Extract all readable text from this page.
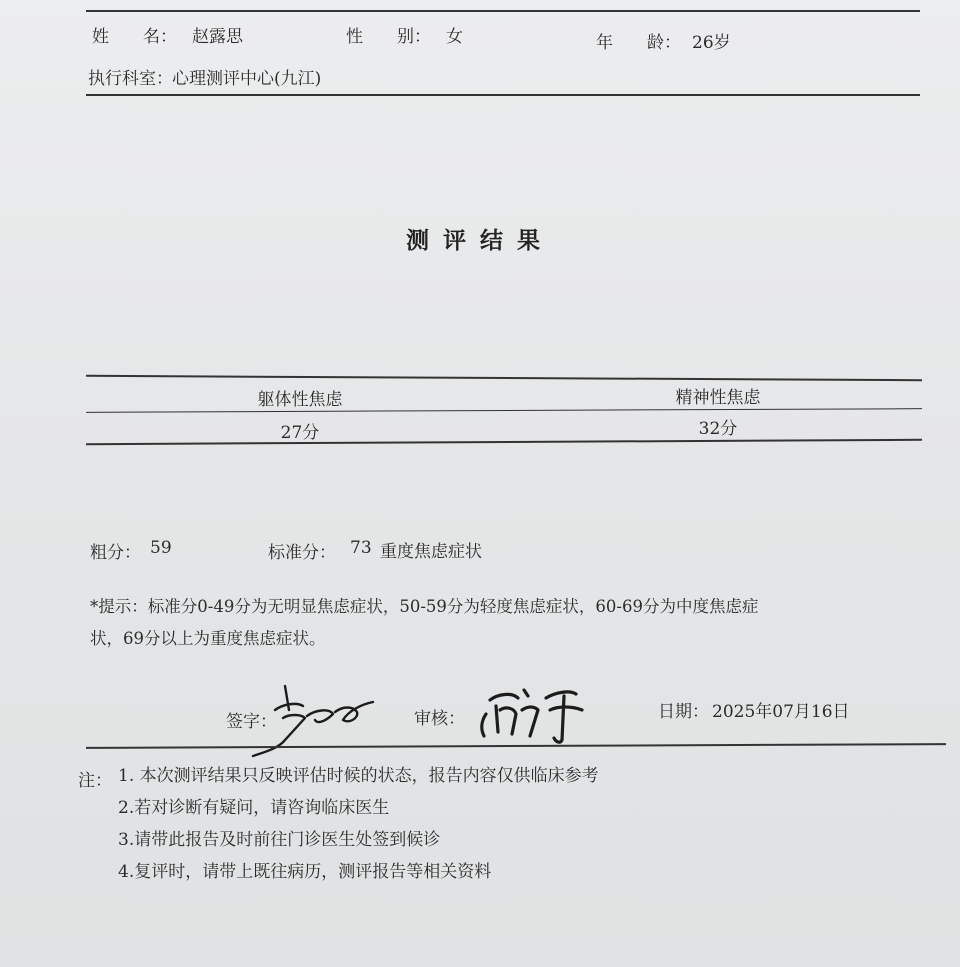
姓　　名： 赵露思	性　　别： 女	年　　龄： 26岁
执行科室： 心理测评中心(九江)
测评结果
躯体性焦虑	精神性焦虑
27分	32分
粗分： 59	标准分： 73 重度焦虑症状
*提示：标准分0-49分为无明显焦虑症状，50-59分为轻度焦虑症状，60-69分为中度焦虑症
状，69分以上为重度焦虑症状。
签字：	审核：	日期： 2025年07月16日
注： 1. 本次测评结果只反映评估时候的状态，报告内容仅供临床参考
2.若对诊断有疑问，请咨询临床医生
3.请带此报告及时前往门诊医生处签到候诊
4.复评时，请带上既往病历，测评报告等相关资料
